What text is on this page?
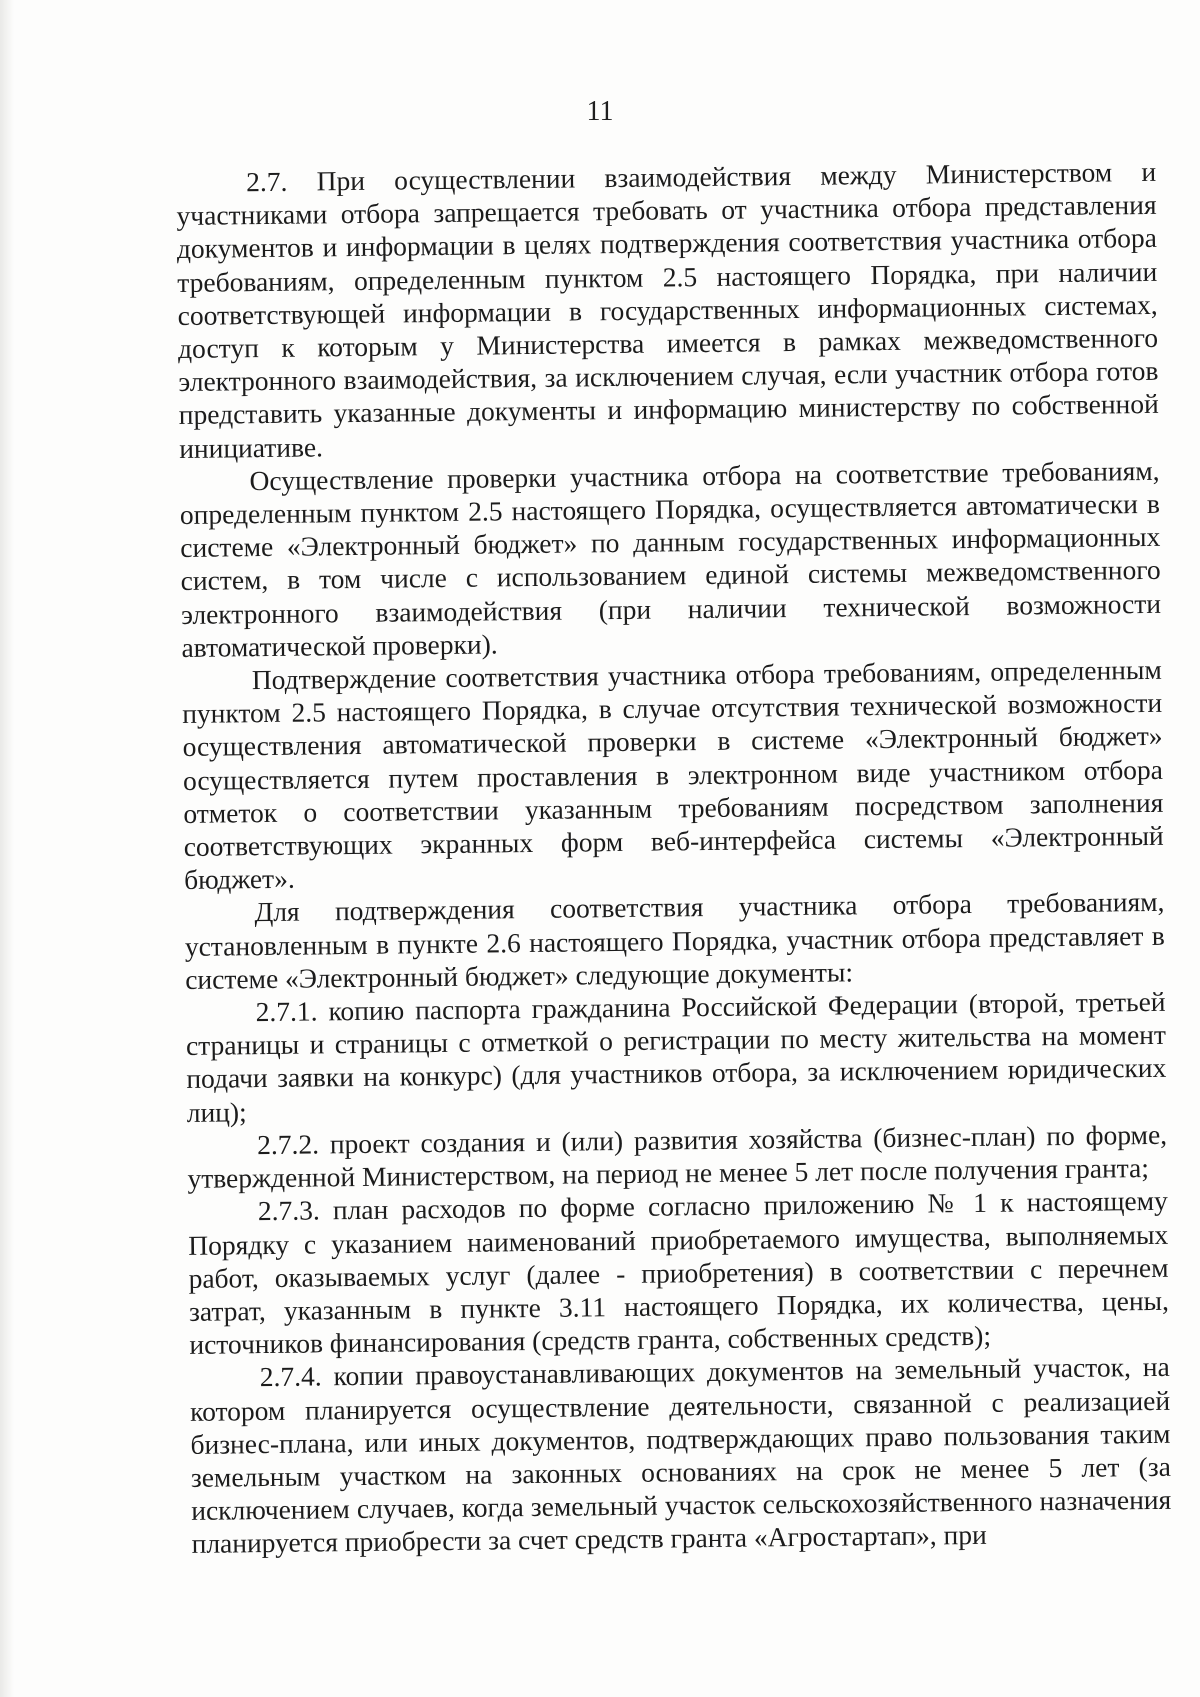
11

2.7. При осуществлении взаимодействия между Министерством и участниками отбора запрещается требовать от участника отбора представления документов и информации в целях подтверждения соответствия участника отбора требованиям, определенным пунктом 2.5 настоящего Порядка, при наличии соответствующей информации в государственных информационных системах, доступ к которым у Министерства имеется в рамках межведомственного электронного взаимодействия, за исключением случая, если участник отбора готов представить указанные документы и информацию министерству по собственной инициативе.

Осуществление проверки участника отбора на соответствие требованиям, определенным пунктом 2.5 настоящего Порядка, осуществляется автоматически в системе «Электронный бюджет» по данным государственных информационных систем, в том числе с использованием единой системы межведомственного электронного взаимодействия (при наличии технической возможности автоматической проверки).

Подтверждение соответствия участника отбора требованиям, определенным пунктом 2.5 настоящего Порядка, в случае отсутствия технической возможности осуществления автоматической проверки в системе «Электронный бюджет» осуществляется путем проставления в электронном виде участником отбора отметок о соответствии указанным требованиям посредством заполнения соответствующих экранных форм веб-интерфейса системы «Электронный бюджет».

Для подтверждения соответствия участника отбора требованиям, установленным в пункте 2.6 настоящего Порядка, участник отбора представляет в системе «Электронный бюджет» следующие документы:

2.7.1. копию паспорта гражданина Российской Федерации (второй, третьей страницы и страницы с отметкой о регистрации по месту жительства на момент подачи заявки на конкурс) (для участников отбора, за исключением юридических лиц);

2.7.2. проект создания и (или) развития хозяйства (бизнес-план) по форме, утвержденной Министерством, на период не менее 5 лет после получения гранта;

2.7.3. план расходов по форме согласно приложению № 1 к настоящему Порядку с указанием наименований приобретаемого имущества, выполняемых работ, оказываемых услуг (далее - приобретения) в соответствии с перечнем затрат, указанным в пункте 3.11 настоящего Порядка, их количества, цены, источников финансирования (средств гранта, собственных средств);

2.7.4. копии правоустанавливающих документов на земельный участок, на котором планируется осуществление деятельности, связанной с реализацией бизнес-плана, или иных документов, подтверждающих право пользования таким земельным участком на законных основаниях на срок не менее 5 лет (за исключением случаев, когда земельный участок сельскохозяйственного назначения планируется приобрести за счет средств гранта «Агростартап», при
